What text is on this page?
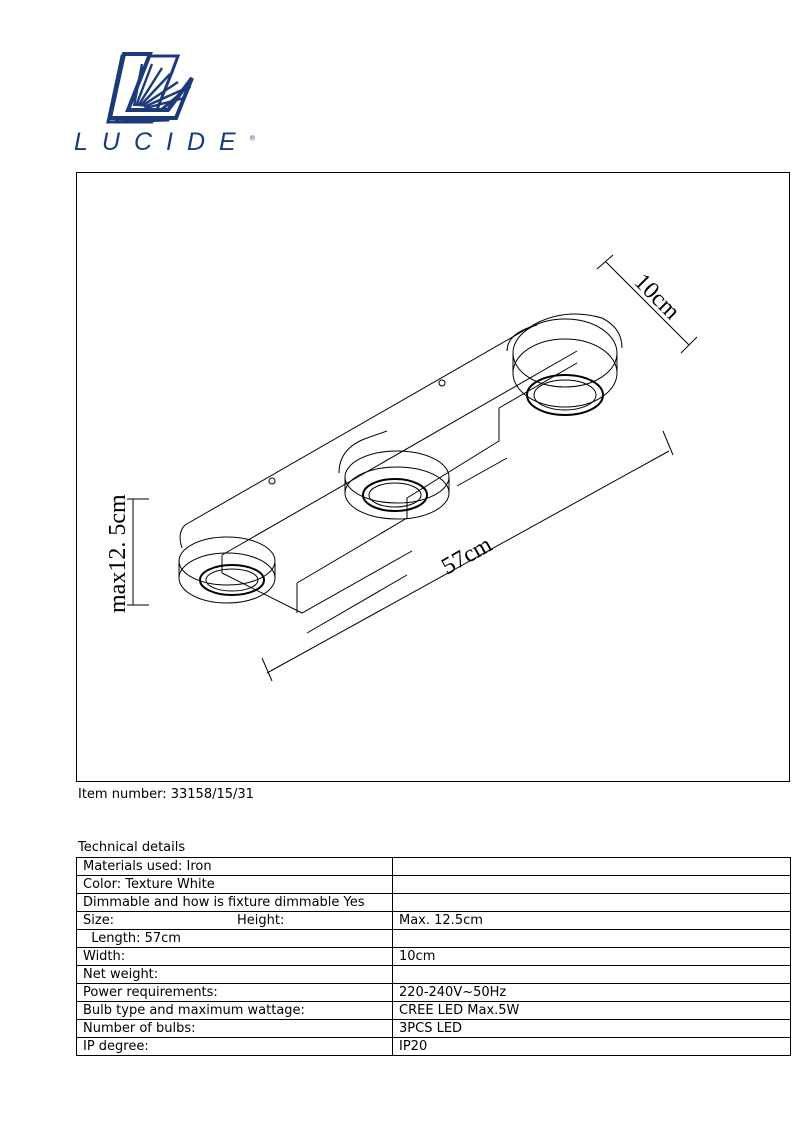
LUCIDE®
57cm
10cm
max12. 5cm
Item number: 33158/15/31
Technical details
Materials used: Iron	
Color: Texture White	
Dimmable and how is fixture dimmable Yes	
Size: Height:	Max. 12.5cm
Length: 57cm	
Width:	10cm
Net weight:	
Power requirements:	220-240V~50Hz
Bulb type and maximum wattage:	CREE LED Max.5W
Number of bulbs:	3PCS LED
IP degree:	IP20
